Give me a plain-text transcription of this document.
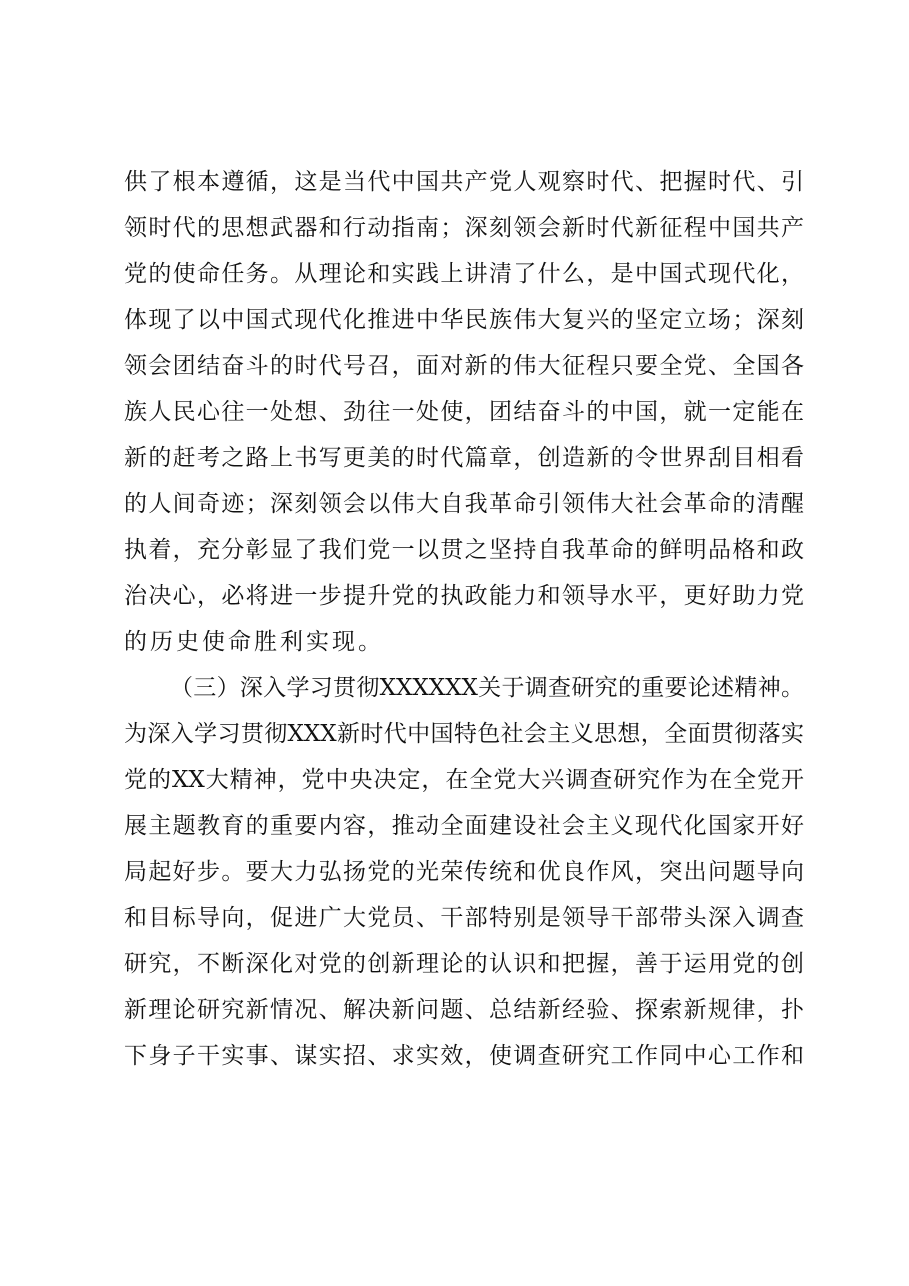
供了根本遵循，这是当代中国共产党人观察时代、把握时代、引
领时代的思想武器和行动指南；深刻领会新时代新征程中国共产
党的使命任务。从理论和实践上讲清了什么，是中国式现代化，
体现了以中国式现代化推进中华民族伟大复兴的坚定立场；深刻
领会团结奋斗的时代号召，面对新的伟大征程只要全党、全国各
族人民心往一处想、劲往一处使，团结奋斗的中国，就一定能在
新的赶考之路上书写更美的时代篇章，创造新的令世界刮目相看
的人间奇迹；深刻领会以伟大自我革命引领伟大社会革命的清醒
执着，充分彰显了我们党一以贯之坚持自我革命的鲜明品格和政
治决心，必将进一步提升党的执政能力和领导水平，更好助力党
的历史使命胜利实现。
（三）深入学习贯彻XXXXXX关于调查研究的重要论述精神。
为深入学习贯彻XXX新时代中国特色社会主义思想，全面贯彻落实
党的XX大精神，党中央决定，在全党大兴调查研究作为在全党开
展主题教育的重要内容，推动全面建设社会主义现代化国家开好
局起好步。要大力弘扬党的光荣传统和优良作风，突出问题导向
和目标导向，促进广大党员、干部特别是领导干部带头深入调查
研究，不断深化对党的创新理论的认识和把握，善于运用党的创
新理论研究新情况、解决新问题、总结新经验、探索新规律，扑
下身子干实事、谋实招、求实效，使调查研究工作同中心工作和
